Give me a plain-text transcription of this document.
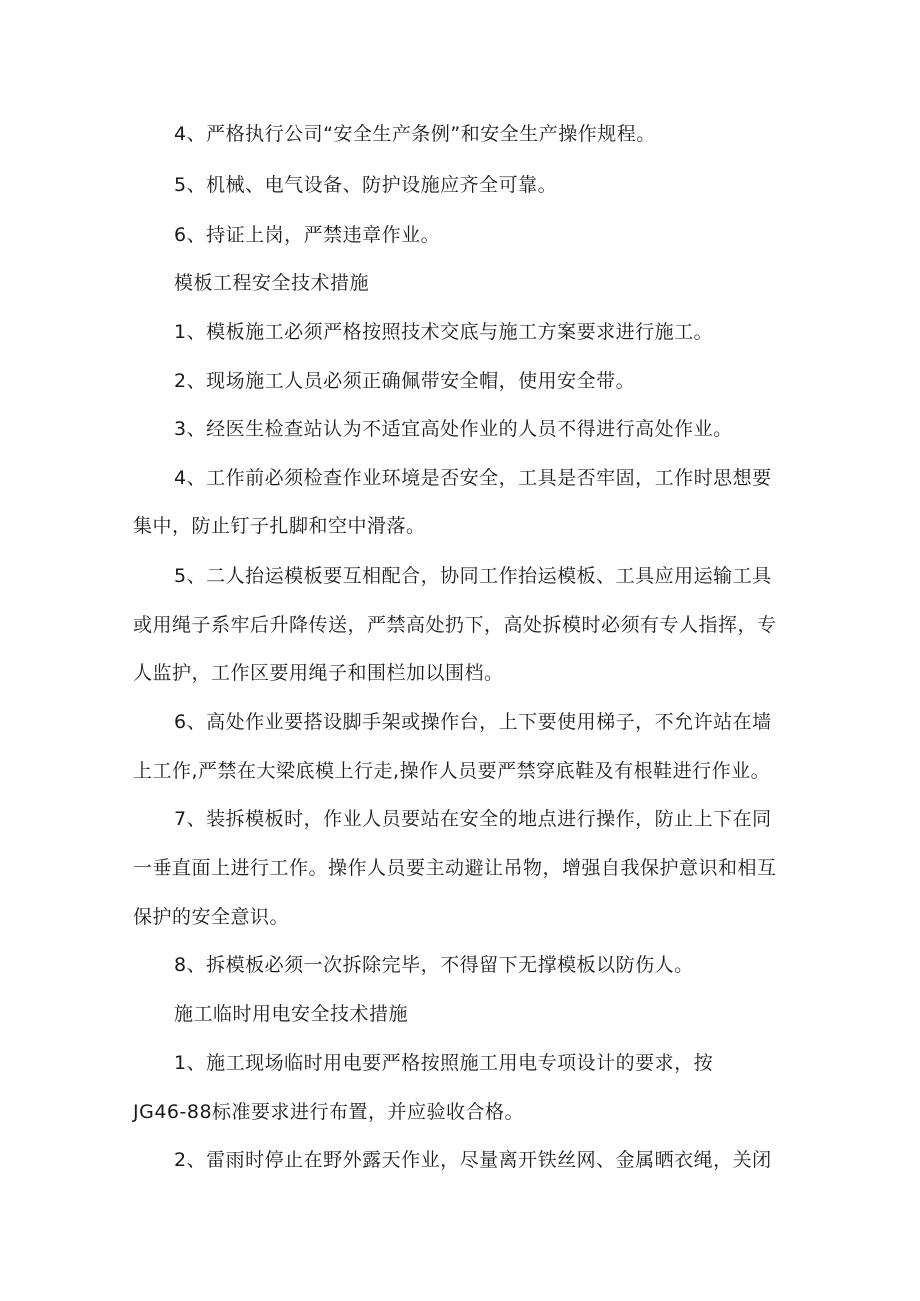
4、严格执行公司“安全生产条例”和安全生产操作规程。
5、机械、电气设备、防护设施应齐全可靠。
6、持证上岗，严禁违章作业。
模板工程安全技术措施
1、模板施工必须严格按照技术交底与施工方案要求进行施工。
2、现场施工人员必须正确佩带安全帽，使用安全带。
3、经医生检查站认为不适宜高处作业的人员不得进行高处作业。
4、工作前必须检查作业环境是否安全，工具是否牢固，工作时思想要
集中，防止钉子扎脚和空中滑落。
5、二人抬运模板要互相配合，协同工作抬运模板、工具应用运输工具
或用绳子系牢后升降传送，严禁高处扔下，高处拆模时必须有专人指挥，专
人监护，工作区要用绳子和围栏加以围档。
6、高处作业要搭设脚手架或操作台，上下要使用梯子，不允许站在墙
上工作,严禁在大梁底模上行走,操作人员要严禁穿底鞋及有根鞋进行作业。
7、装拆模板时，作业人员要站在安全的地点进行操作，防止上下在同
一垂直面上进行工作。操作人员要主动避让吊物，增强自我保护意识和相互
保护的安全意识。
8、拆模板必须一次拆除完毕，不得留下无撑模板以防伤人。
施工临时用电安全技术措施
1、施工现场临时用电要严格按照施工用电专项设计的要求，按
JG46-88标准要求进行布置，并应验收合格。
2、雷雨时停止在野外露天作业，尽量离开铁丝网、金属晒衣绳，关闭
